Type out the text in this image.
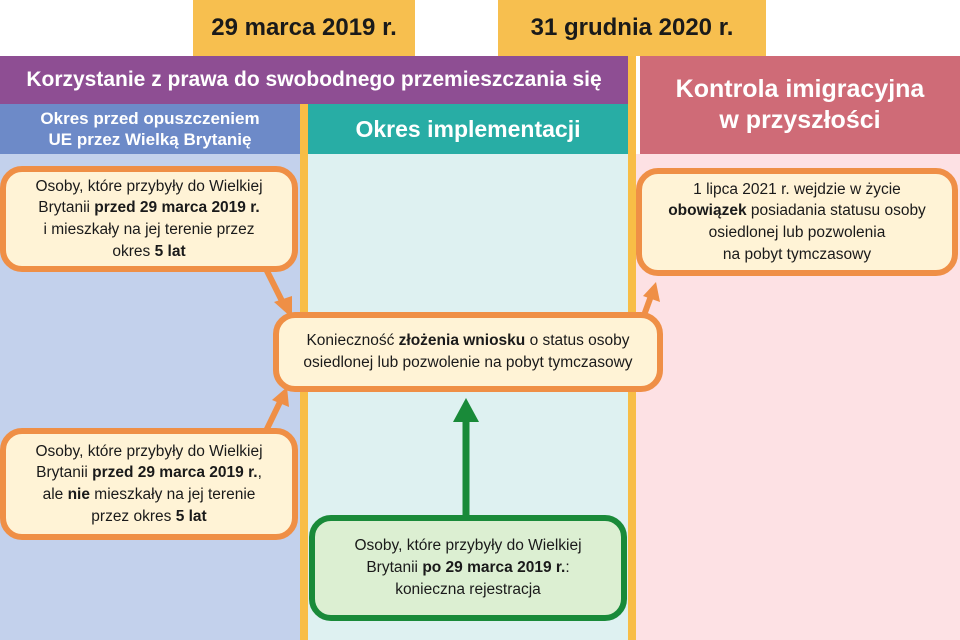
29 marca 2019 r.	31 grudnia 2020 r.
Korzystanie z prawa do swobodnego przemieszczania się	Kontrola imigracyjna
w przyszłości
Okres przed opuszczeniem
UE przez Wielką Brytanię	Okres implementacji
Osoby, które przybyły do Wielkiej
Brytanii przed 29 marca 2019 r.
i mieszkały na jej terenie przez
okres 5 lat
Osoby, które przybyły do Wielkiej
Brytanii przed 29 marca 2019 r.,
ale nie mieszkały na jej terenie
przez okres 5 lat
Konieczność złożenia wniosku o status osoby
osiedlonej lub pozwolenie na pobyt tymczasowy
Osoby, które przybyły do Wielkiej
Brytanii po 29 marca 2019 r.:
konieczna rejestracja
1 lipca 2021 r. wejdzie w życie
obowiązek posiadania statusu osoby
osiedlonej lub pozwolenia
na pobyt tymczasowy
